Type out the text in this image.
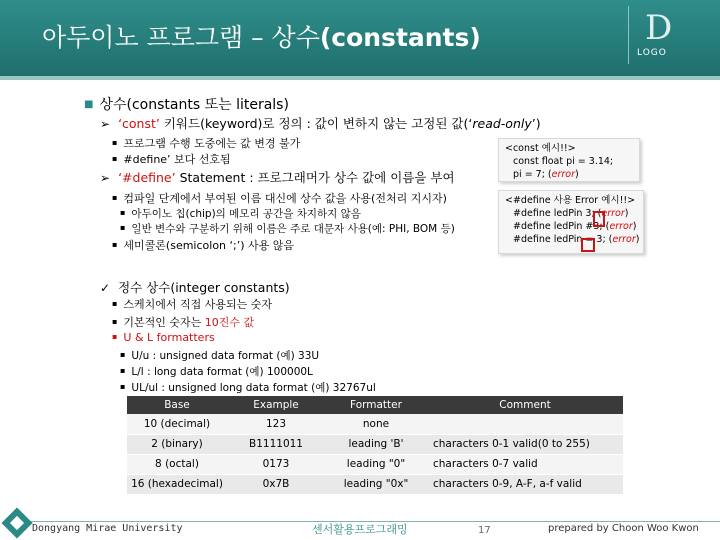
아두이노 프로그램 – 상수(constants)	D
LOGO
■ 상수(constants 또는 literals)
➢ ‘const’ 키워드(keyword)로 정의 : 값이 변하지 않는 고정된 값(‘read-only’)
▪ 프로그램 수행 도중에는 값 변경 불가
▪ #define’ 보다 선호됨
➢ ‘#define’ Statement : 프로그래머가 상수 값에 이름을 부여
▪ 컴파일 단계에서 부여된 이름 대신에 상수 값을 사용(전처리 지시자)
▪ 아두이노 칩(chip)의 메모리 공간을 차지하지 않음
▪ 일반 변수와 구분하기 위해 이름은 주로 대문자 사용(예: PHI, BOM 등)
▪ 세미콜론(semicolon ‘;’) 사용 않음
<const 예시!!>
const float pi = 3.14;
pi = 7; (error)
<#define 사용 Error 예시!!>
#define ledPin 3; (error)
#define ledPin #3; (error)
#define ledPin = 3; (error)
✓ 정수 상수(integer constants)
▪ 스케치에서 직접 사용되는 숫자
▪ 기본적인 숫자는 10진수 값
▪ U & L formatters
▪ U/u : unsigned data format (예) 33U
▪ L/l : long data format (예) 100000L
▪ UL/ul : unsigned long data format (예) 32767ul
Base	Example	Formatter	Comment
10 (decimal)	123	none	
2 (binary)	B1111011	leading 'B'	characters 0-1 valid(0 to 255)
8 (octal)	0173	leading "0"	characters 0-7 valid
16 (hexadecimal)	0x7B	leading "0x"	characters 0-9, A-F, a-f valid
Dongyang Mirae University	센서활용프로그래밍	17	prepared by Choon Woo Kwon
